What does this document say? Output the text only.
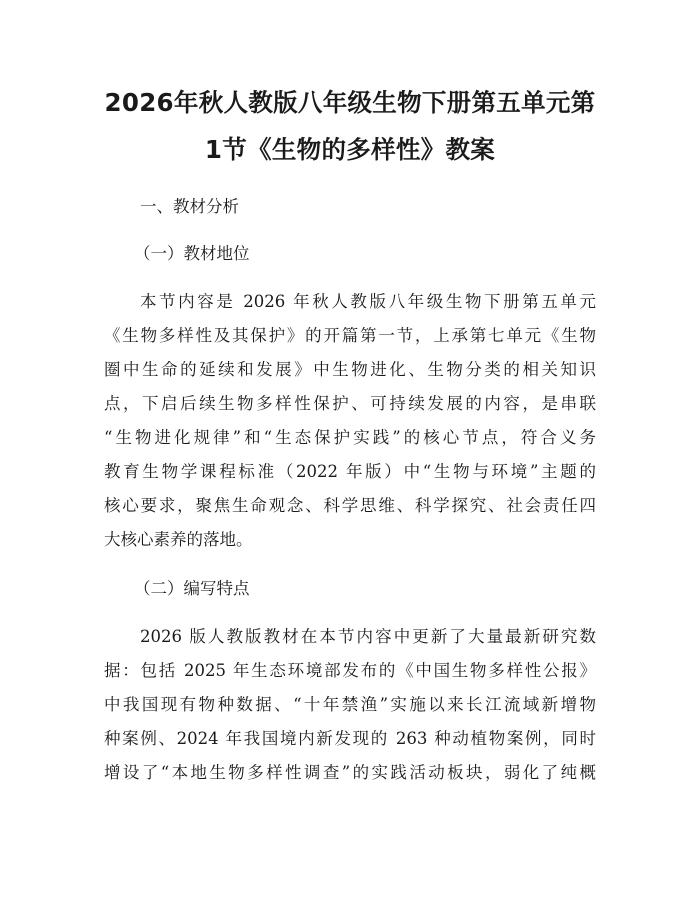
2026年秋人教版八年级生物下册第五单元第
1节《生物的多样性》教案

一、教材分析

（一）教材地位

本节内容是 2026 年秋人教版八年级生物下册第五单元

《生物多样性及其保护》的开篇第一节，上承第七单元《生物

圈中生命的延续和发展》中生物进化、生物分类的相关知识

点，下启后续生物多样性保护、可持续发展的内容，是串联

“生物进化规律”和“生态保护实践”的核心节点，符合义务

教育生物学课程标准（2022 年版）中“生物与环境”主题的

核心要求，聚焦生命观念、科学思维、科学探究、社会责任四

大核心素养的落地。

（二）编写特点

2026 版人教版教材在本节内容中更新了大量最新研究数

据：包括 2025 年生态环境部发布的《中国生物多样性公报》

中我国现有物种数据、“十年禁渔”实施以来长江流域新增物

种案例、2024 年我国境内新发现的 263 种动植物案例，同时

增设了“本地生物多样性调查”的实践活动板块，弱化了纯概
